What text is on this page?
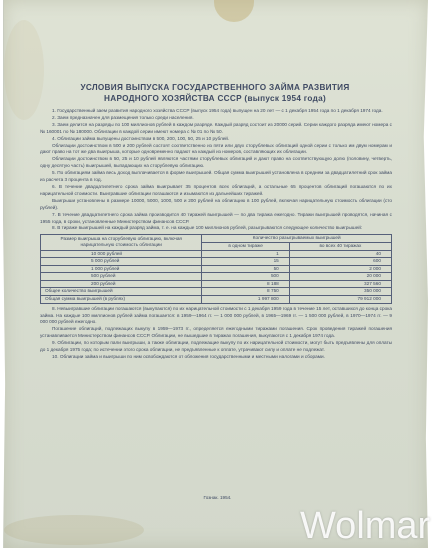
УСЛОВИЯ ВЫПУСКА ГОСУДАРСТВЕННОГО ЗАЙМА РАЗВИТИЯ
НАРОДНОГО ХОЗЯЙСТВА СССР (выпуск 1954 года)

1. Государственный заем развития народного хозяйства СССР (выпуск 1954 года) выпущен на 20 лет — с 1 декабря 1954 года по 1 декабря 1974 года.

2. Заем предназначен для размещения только среди населения.

3. Заем делится на разряды по 100 миллионов рублей в каждом разряде. Каждый разряд состоит из 20000 серий. Серии каждого разряда имеют номера с № 160001 по № 180000. Облигации в каждой серии имеют номера с № 01 по № 50.

4. Облигации займа выпущены достоинством в 500, 200, 100, 50, 25 и 10 рублей.

Облигации достоинством в 500 и 200 рублей состоят соответственно из пяти или двух сторублевых облигаций одной серии с только им двум номерам и дают право на тот же два выигрыша, которые одновременно падают на каждый из номеров, составляющих их облигации.

Облигации достоинством в 50, 25 и 10 рублей являются частями сторублевых облигаций и дают право на соответствующую долю (половину, четверть, одну десятую часть) выигрышей, выпадающих на сторублевую облигацию.

5. По облигациям займа весь доход выплачивается в форме выигрышей. Общая сумма выигрышей установлена в среднем за двадцатилетний срок займа из расчета 3 процента в год.

6. В течение двадцатилетнего срока займа выигрывает 35 процентов всех облигаций, а остальные 65 процентов облигаций погашаются по их нарицательной стоимости. Выигравшие облигации погашаются и изымаются из дальнейших тиражей.

Выигрыши установлены в размере 10000, 5000, 1000, 500 и 200 рублей на облигацию в 100 рублей, включая нарицательную стоимость облигации (сто рублей).

7. В течение двадцатилетнего срока займа производится 40 тиражей выигрышей — по два тиража ежегодно. Тиражи выигрышей проводятся, начиная с 1955 года, в сроки, установленные Министерством финансов СССР.

8. В тираже выигрышей на каждый разряд займа, т. е. на каждые 100 миллионов рублей, разыгрываются следующее количество выигрышей:

Размер выигрыша на сторублевую облигацию, включая нарицательную стоимость облигации	Количество разыгрываемых выигрышей	
	в одном тираже	во всех 40 тиражах
10 000 рублей	1	40
5 000 рублей	15	600
1 000 рублей	50	2 000
500 рублей	500	20 000
200 рублей	8 188	327 560
Общее количество выигрышей	8 750	350 000
Общая сумма выигрышей (в рублях)	1 997 800	79 912 000

8. Невыигравшие облигации погашаются (выкупаются) по их нарицательной стоимости с 1 декабря 1959 года в течение 15 лет, оставшихся до конца срока займа. На каждые 100 миллионов рублей займа погашается: в 1959—1964 гг. — 1 000 000 рублей, в 1965—1969 гг. — 1 500 000 рублей, в 1970—1974 гг. — 9 000 000 рублей ежегодно.

Погашение облигаций, подлежащих выкупу в 1959—1973 гг., определяется ежегодными тиражами погашения. Срок проведения тиражей погашения устанавливается Министерством финансов СССР. Облигации, не вышедшие в тиражах погашения, выкупаются с 1 декабря 1974 года.

9. Облигации, по которым пали выигрыши, а также облигации, подлежащие выкупу по их нарицательной стоимости, могут быть предъявлены для оплаты до 1 декабря 1975 года; по истечении этого срока облигации, не предъявленные к оплате, утрачивают силу и оплате не подлежат.

10. Облигации займа и выигрыши по ним освобождаются от обложения государственными и местными налогами и сборами.

Гознак. 1954.
Wolmar
